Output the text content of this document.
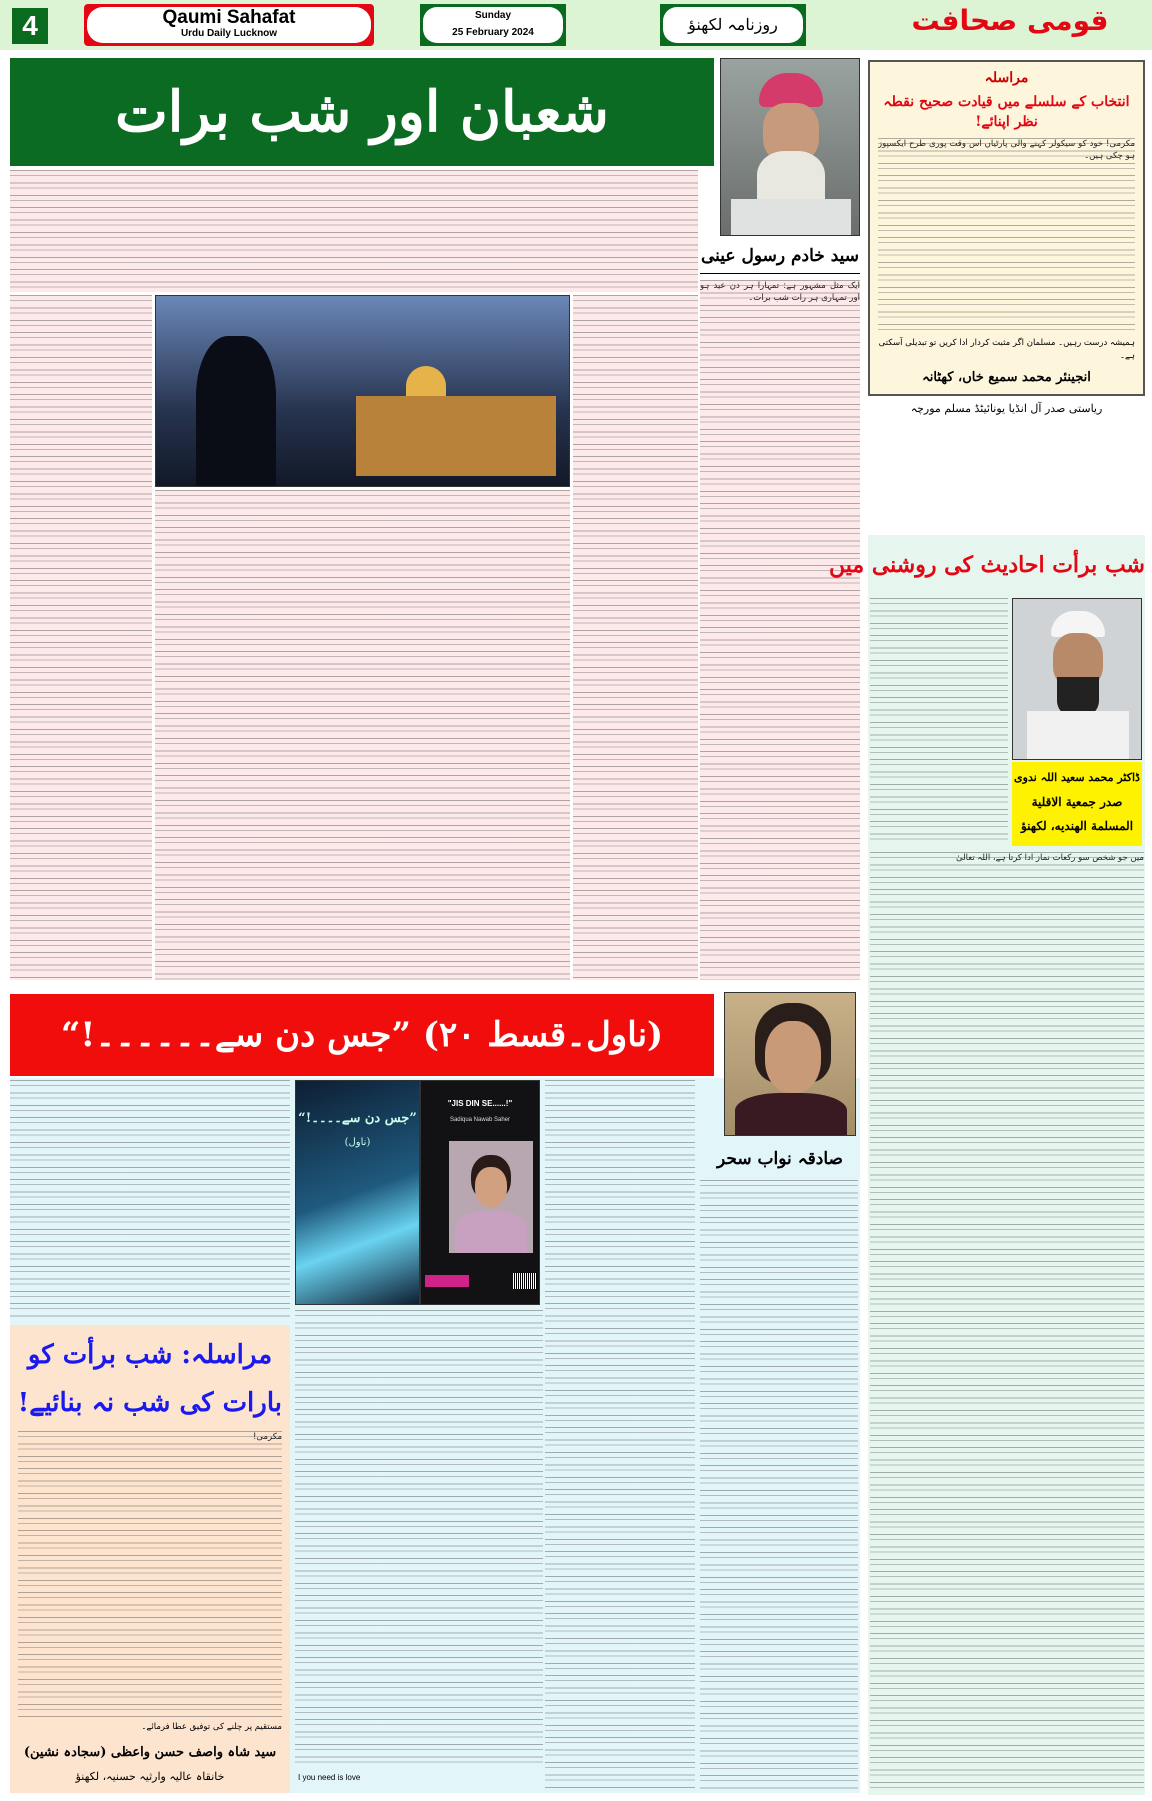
4	Qaumi Sahafat
Urdu Daily Lucknow
Sunday
25 February 2024	روزنامہ لکھنؤ	قومی صحافت
شعبان اور شب برات
سید خادم رسول عینی
ایک مثل مشہور ہے: تمہارا ہر دن عید ہو اور تمہاری ہر رات شب برات۔
مراسلہ
انتخاب کے سلسلے میں قیادت صحیح نقطہ نظر اپنائے!
مکرمی! خود کو سیکولر کہنے والی پارٹیاں اس وقت پوری طرح ایکسپوز ہو چکی ہیں۔
ہمیشہ درست رہیں۔ مسلمان اگر مثبت کردار ادا کریں تو تبدیلی آسکتی ہے۔
انجینئر محمد سمیع خاں، کھٹانہ
ریاستی صدر آل انڈیا یونائیٹڈ مسلم مورچہ
شب برأت احادیث کی روشنی میں
ڈاکٹر محمد سعید اللہ ندوی
صدر جمعیة الاقلیة
المسلمة الهندیه، لکھنؤ
میں جو شخص سو رکعات نماز ادا کرتا ہے، اللہ تعالیٰ
(ناول۔قسط ۲۰) ”جس دن سے۔۔۔۔۔۔!“
صادقہ نواب سحر
”جس دن سے۔۔۔۔!“
(ناول)
"JIS DIN SE......!"
Sadiqua Nawab Saher
I you need is love
مراسلہ: شب برأت کو
بارات کی شب نہ بنائیے!
مکرمی!
مستقیم پر چلنے کی توفیق عطا فرمائے۔
سید شاہ واصف حسن واعظی (سجادہ نشین)
خانقاہ عالیہ وارثیہ حسنیہ، لکھنؤ
